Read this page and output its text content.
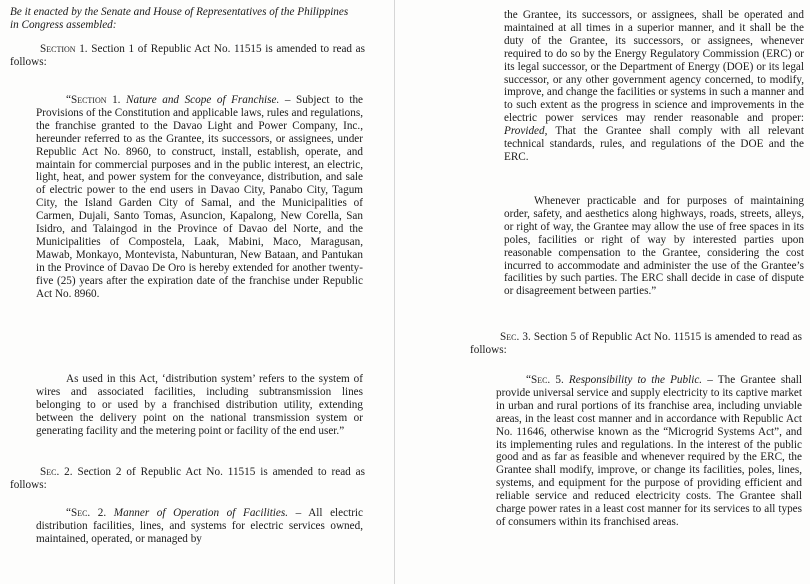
Be it enacted by the Senate and House of Representatives of the Philippines in Congress assembled:

Section 1. Section 1 of Republic Act No. 11515 is amended to read as follows:

“Section 1. Nature and Scope of Franchise. – Subject to the Provisions of the Constitution and applicable laws, rules and regulations, the franchise granted to the Davao Light and Power Company, Inc., hereunder referred to as the Grantee, its successors, or assignees, under Republic Act No. 8960, to construct, install, establish, operate, and maintain for commercial purposes and in the public interest, an electric, light, heat, and power system for the conveyance, distribution, and sale of electric power to the end users in Davao City, Panabo City, Tagum City, the Island Garden City of Samal, and the Municipalities of Carmen, Dujali, Santo Tomas, Asuncion, Kapalong, New Corella, San Isidro, and Talaingod in the Province of Davao del Norte, and the Municipalities of Compostela, Laak, Mabini, Maco, Maragusan, Mawab, Monkayo, Montevista, Nabunturan, New Bataan, and Pantukan in the Province of Davao De Oro is hereby extended for another twenty-five (25) years after the expiration date of the franchise under Republic Act No. 8960.

As used in this Act, ‘distribution system’ refers to the system of wires and associated facilities, including subtransmission lines belonging to or used by a franchised distribution utility, extending between the delivery point on the national transmission system or generating facility and the metering point or facility of the end user.”

Sec. 2. Section 2 of Republic Act No. 11515 is amended to read as follows:

“Sec. 2. Manner of Operation of Facilities. – All electric distribution facilities, lines, and systems for electric services owned, maintained, operated, or managed by

the Grantee, its successors, or assignees, shall be operated and maintained at all times in a superior manner, and it shall be the duty of the Grantee, its successors, or assignees, whenever required to do so by the Energy Regulatory Commission (ERC) or its legal successor, or the Department of Energy (DOE) or its legal successor, or any other government agency concerned, to modify, improve, and change the facilities or systems in such a manner and to such extent as the progress in science and improvements in the electric power services may render reasonable and proper: Provided, That the Grantee shall comply with all relevant technical standards, rules, and regulations of the DOE and the ERC.

Whenever practicable and for purposes of maintaining order, safety, and aesthetics along highways, roads, streets, alleys, or right of way, the Grantee may allow the use of free spaces in its poles, facilities or right of way by interested parties upon reasonable compensation to the Grantee, considering the cost incurred to accommodate and administer the use of the Grantee’s facilities by such parties. The ERC shall decide in case of dispute or disagreement between parties.”

Sec. 3. Section 5 of Republic Act No. 11515 is amended to read as follows:

“Sec. 5. Responsibility to the Public. – The Grantee shall provide universal service and supply electricity to its captive market in urban and rural portions of its franchise area, including unviable areas, in the least cost manner and in accordance with Republic Act No. 11646, otherwise known as the “Microgrid Systems Act”, and its implementing rules and regulations. In the interest of the public good and as far as feasible and whenever required by the ERC, the Grantee shall modify, improve, or change its facilities, poles, lines, systems, and equipment for the purpose of providing efficient and reliable service and reduced electricity costs. The Grantee shall charge power rates in a least cost manner for its services to all types of consumers within its franchised areas.
